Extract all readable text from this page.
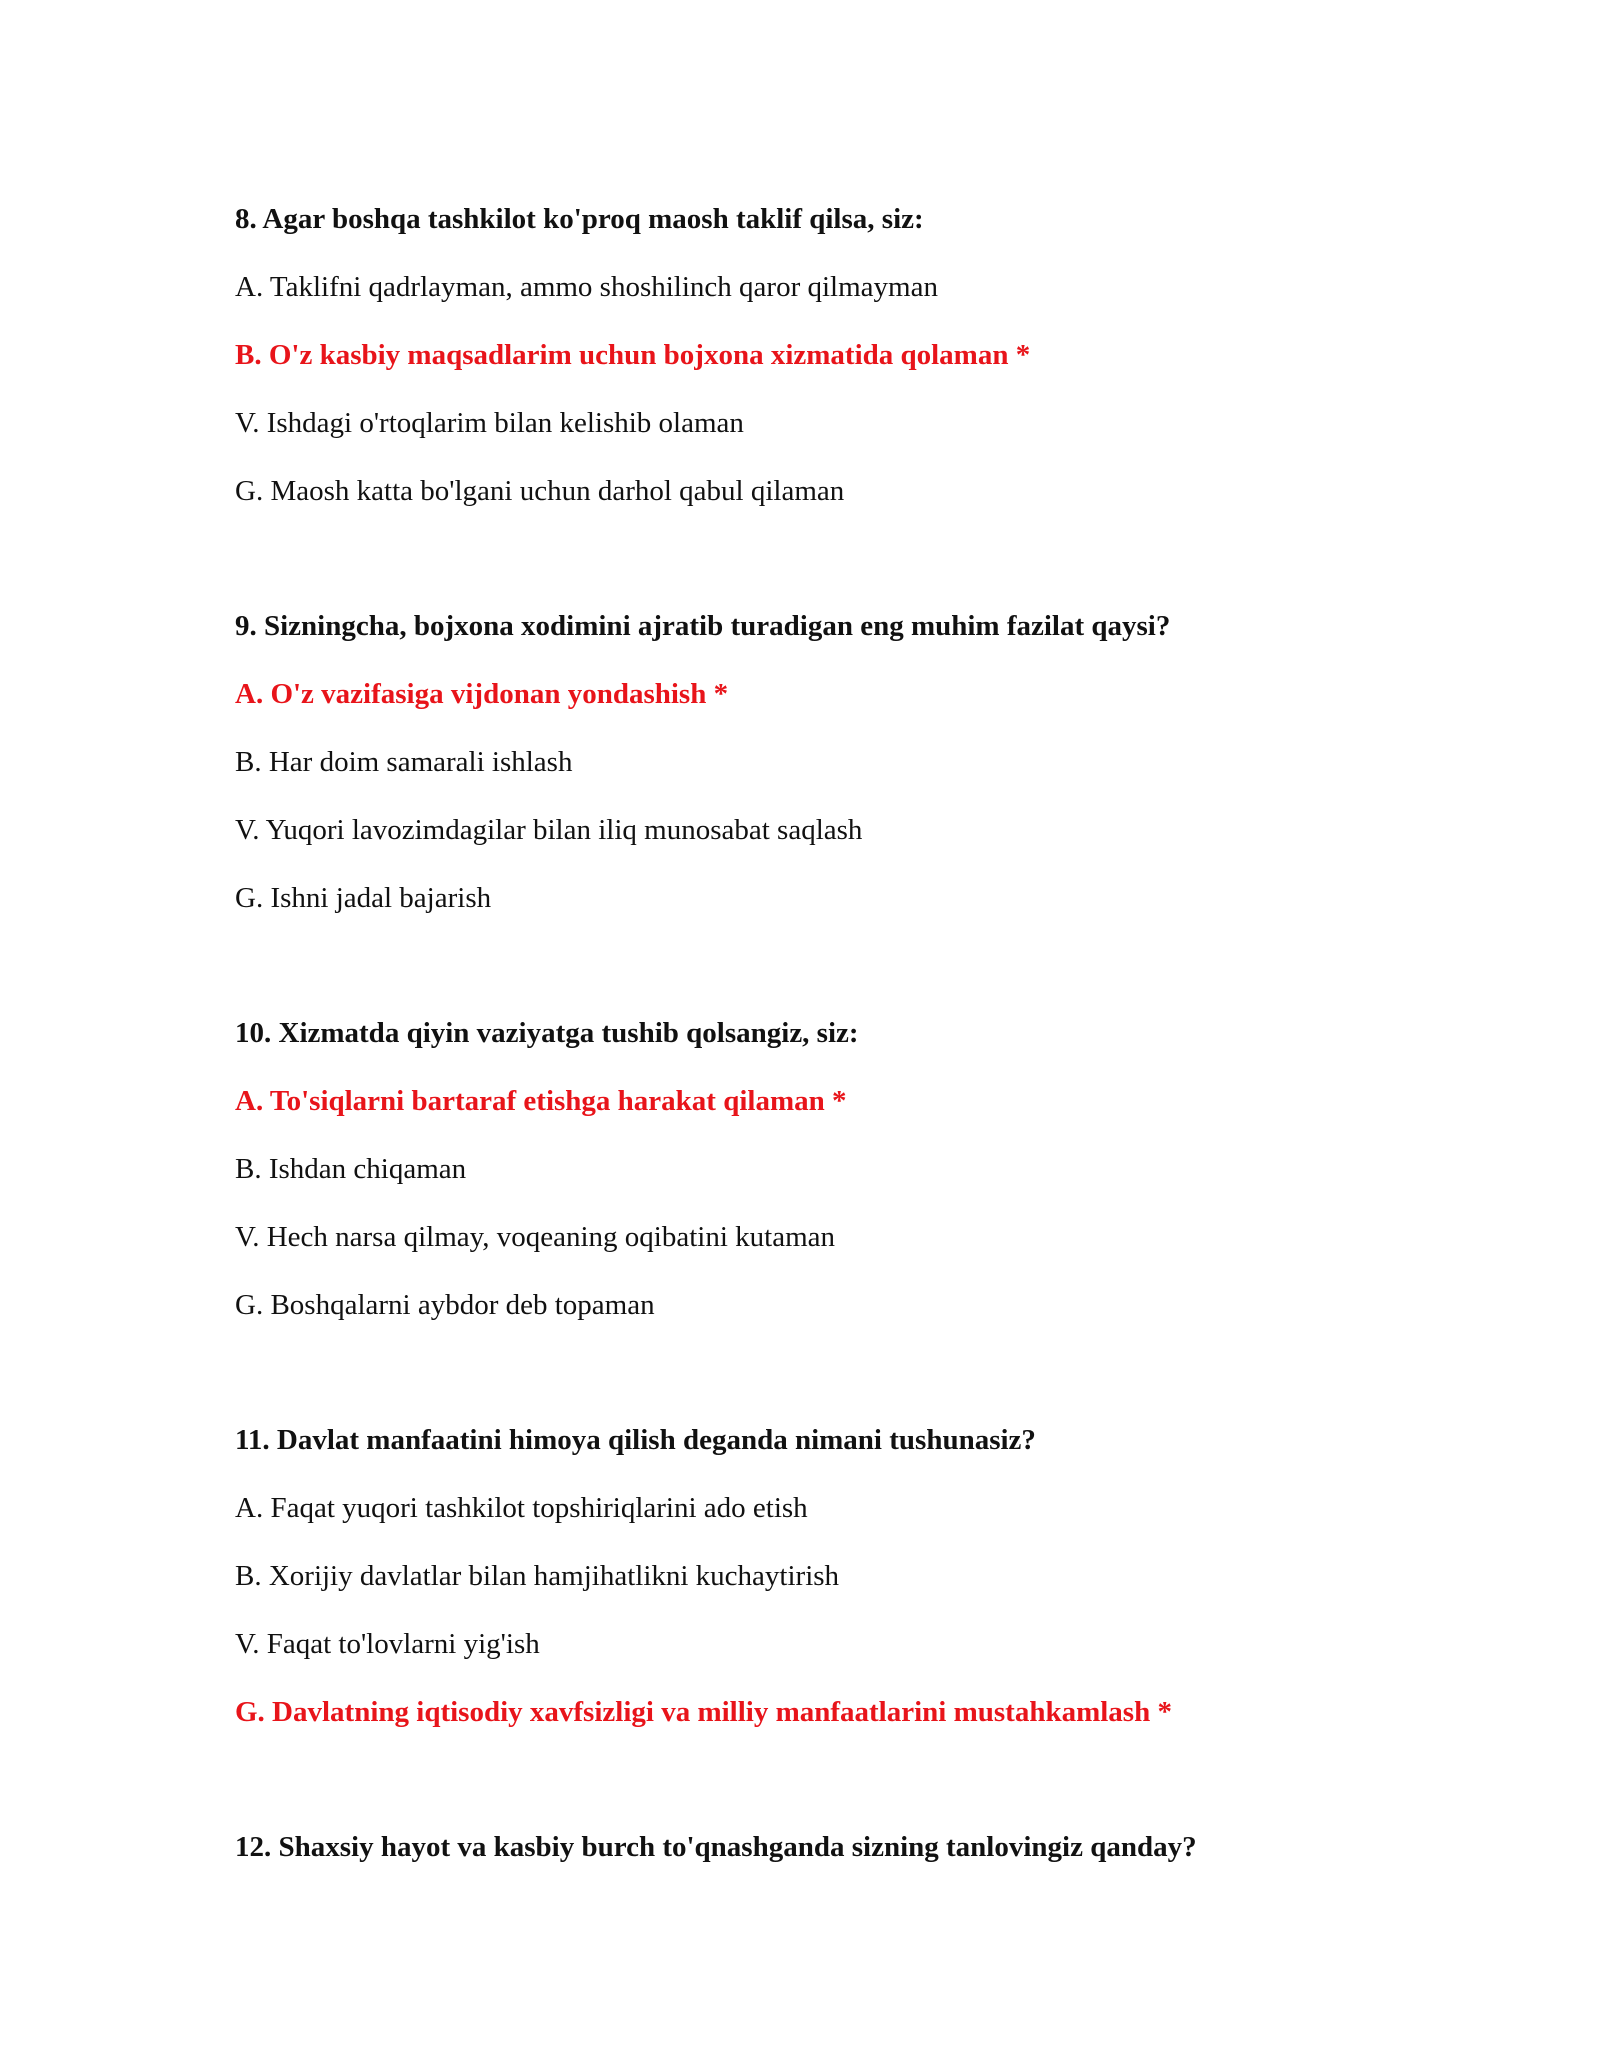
8. Agar boshqa tashkilot ko'proq maosh taklif qilsa, siz:
A. Taklifni qadrlayman, ammo shoshilinch qaror qilmayman
B. O'z kasbiy maqsadlarim uchun bojxona xizmatida qolaman *
V. Ishdagi o'rtoqlarim bilan kelishib olaman
G. Maosh katta bo'lgani uchun darhol qabul qilaman
9. Sizningcha, bojxona xodimini ajratib turadigan eng muhim fazilat qaysi?
A. O'z vazifasiga vijdonan yondashish *
B. Har doim samarali ishlash
V. Yuqori lavozimdagilar bilan iliq munosabat saqlash
G. Ishni jadal bajarish
10. Xizmatda qiyin vaziyatga tushib qolsangiz, siz:
A. To'siqlarni bartaraf etishga harakat qilaman *
B. Ishdan chiqaman
V. Hech narsa qilmay, voqeaning oqibatini kutaman
G. Boshqalarni aybdor deb topaman
11. Davlat manfaatini himoya qilish deganda nimani tushunasiz?
A. Faqat yuqori tashkilot topshiriqlarini ado etish
B. Xorijiy davlatlar bilan hamjihatlikni kuchaytirish
V. Faqat to'lovlarni yig'ish
G. Davlatning iqtisodiy xavfsizligi va milliy manfaatlarini mustahkamlash *
12. Shaxsiy hayot va kasbiy burch to'qnashganda sizning tanlovingiz qanday?
